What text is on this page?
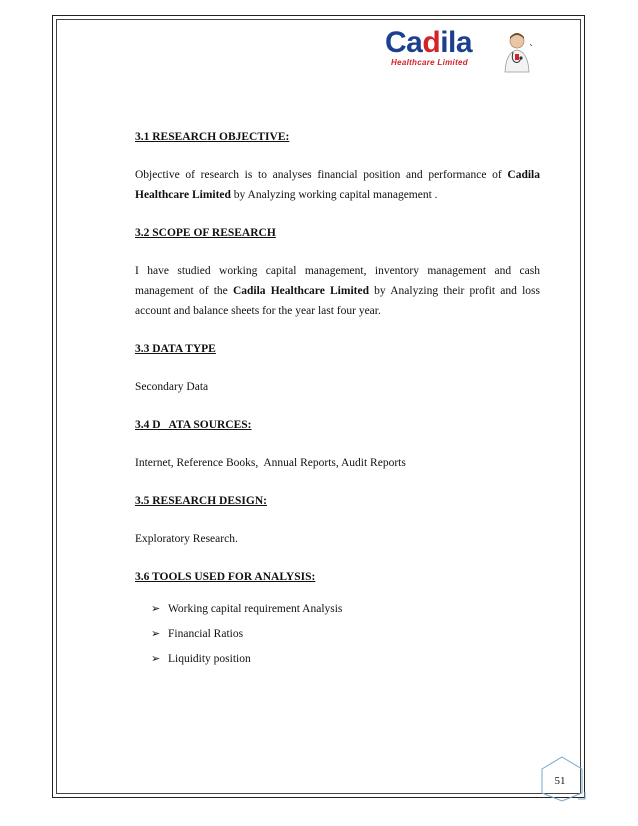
Cadila
Healthcare Limited
3.1 RESEARCH OBJECTIVE:

Objective of research is to analyses financial position and performance of Cadila Healthcare Limited by Analyzing working capital management .

3.2 SCOPE OF RESEARCH

I have studied working capital management, inventory management and cash management of the Cadila Healthcare Limited by Analyzing their profit and loss account and balance sheets for the year last four year.

3.3 DATA TYPE

Secondary Data

3.4 D   ATA SOURCES:

Internet, Reference Books,  Annual Reports, Audit Reports

3.5 RESEARCH DESIGN:

Exploratory Research.

3.6 TOOLS USED FOR ANALYSIS:
➢ Working capital requirement Analysis
➢ Financial Ratios
➢ Liquidity position
51
